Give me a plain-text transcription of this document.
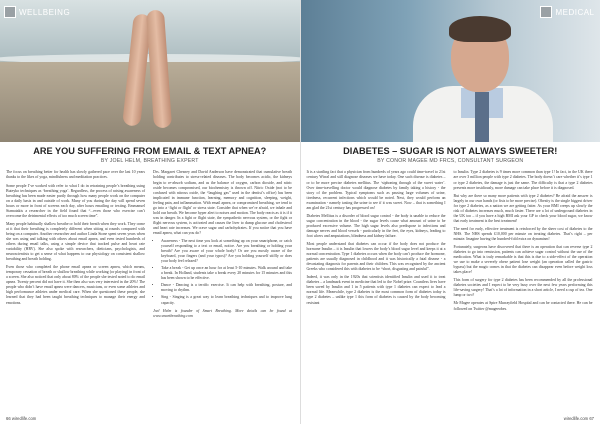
WELLBEING
ARE YOU SUFFERING FROM EMAIL & TEXT APNEA?
BY JOEL HELM, BREATHING EXPERT

The focus on breathing better for health has slowly gathered pace over the last 10 years thanks to the likes of yoga, mindfulness and meditation practices.

Some people I’ve worked with refer to what I do in retraining people’s breathing using Buteyko techniques as ‘breathing yoga’. Regardless, the process of raising awareness of breathing has been made easier partly through how many people work on the computer on a daily basis in and outside of work. Many of you during the day will spend seven hours or more in front of screens each day, after hours emailing or texting. Emmanuel Stamatakis a researcher in the field found that “...even those who exercise can’t overcome the detrimental effects of too much screen time”.

Many people habitually shallow breathe or hold their breath when they work. They come at it that their breathing is completely different when sitting at rounds compared with being on a computer. Another researcher and author Linda Stone spent seven years when she was using and talking with others about email apnea, and even tested hundreds of others during email talks, using a simple device that tracked pulse and heart rate variability (HRV). She also spoke with researchers, dieticians, psychologists, and neuroscientists to get a sense of what happens to our physiology on consistent shallow breathing and breath holding.

Even those who completed the phone email apnea or screen apnea, which means, temporary cessation of breath or shallow breathing while working (or playing) in front of a screen. She also noticed that only about 80% of the people she tested noted to do email apnea. Twenty percent did not have it. She then also was very interested in the 20%! The people who didn’t have email apnea were dancers, musicians, or even some athletes and high performance athletes under medical care. When she questioned these people, she learned that they had been taught breathing techniques to manage their energy and emotions.

Drs. Margaret Chesney and David Anderson have demonstrated that cumulative breath holding contributes to stress-related diseases. The body becomes acidic, the kidneys begin to re-absorb sodium, and as the balance of oxygen, carbon dioxide, and nitric oxide becomes compromised, our biochemistry is thrown off. Nitric Oxide (not to be confused with nitrous oxide, the “laughing gas” used in the dentist’s office) has been implicated in immune function, learning, memory and cognition, sleeping, weight, feeling pain, and inflammation. With email apnea, or compromised breathing, we tend to go into a ‘fight or flight’ or stress state. Consider that when we’re afraid, we inhale and hold our breath. We become hyper alert to noises and motion. The body reacts as it is if it was in danger. In a fight or flight state, the sympathetic nervous system, or the fight or flight nervous system, is activated and causes the liver to dump glucose and cholesterol and heart rate increases. We crave sugar and carbohydrates. If you notice that you have email apnea, what can you do?

• Awareness - The next time you look at something up on your smartphone, or catch yourself responding to a text or email, notice. Are you breathing or holding your breath? Are you aware of your whole body? Or are you mostly aware of the keyboard, your fingers (and your typos)? Are you holding yourself stiffly or does your body feel relaxed?
• Take a break - Get up once an hour for at least 5-10 minutes. Walk around and take a break. In Holland, students take a break every 20 minutes for 15 minutes and this has been shown to be effective.
• Dance - Dancing is a terrific exercise. It can help with breathing, posture, and moving to rhythm.
• Sing - Singing is a great way to learn breathing techniques and to improve lung capacity.

Joel Helm is founder of Smart Breathing. More details can be found at www.smartbreathing.com

66 wiredlife.com
MEDICAL
DIABETES – SUGAR IS NOT ALWAYS SWEETER!
BY CONOR MAGEE MD FRCS, CONSULTANT SURGEON

It is a startling fact that a physician from hundreds of years ago could time-travel to 21st century Wirral and still diagnose diseases we have today. One such disease is diabetes – or to be more precise diabetes mellitus. The ‘siphoning through of the sweet water’. Over time-travelling doctor would diagnose diabetes by family taking a history - the story of the problem. Typical symptoms such as passing large volumes of urine, tiredness, recurrent infections which would be noted. Next, they would perform an examination - namely tasting the urine to see if it was sweet. Now – that is something I am glad the 21st century has progressed on!

Diabetes Mellitus is a disorder of blood sugar control - the body is unable to reduce the sugar concentration in the blood - the sugar levels cause what amount of urine to be produced excessive volume. The high sugar levels also predispose to infections and damage nerves and blood vessels - particularly in the feet, the eyes, kidneys, leading to foot ulcers and amputations, blindness and kidney failure.

Most people understand that diabetes can occur if the body does not produce the hormone Insulin – it is Insulin that lowers the body’s blood sugar level and keeps it at a normal concentration. Type 1 diabetes occurs when the body can’t produce the hormone, patients are usually diagnosed in childhood and it was historically a fatal disease - a devastating diagnosis for parents and their children. This was recognised by the ancient Greeks who considered this with diabetes to be “short, disgusting and painful”.

Indeed, it was only in the 1920s that scientists identified Insulin and used it to treat diabetes – a landmark event in medicine that led to the Nobel prize. Countless lives have been saved by Insulin and 1 in 5 patients with type 1 diabetes can expect to lead a normal life. Meanwhile, type 2 diabetes is the most common form of diabetes today is type 2 diabetes – unlike type 1 this form of diabetes is caused by the body becoming resistant

to Insulin. Type 2 diabetes is 9 times more common than type 1! In fact, in the UK there are over 3 million people with type 2 diabetes. The body doesn’t care whether it’s type 1 or type 2 diabetes, the damage is just the same. The difficulty is that a type 2 diabetes presents more insidiously, more damage can take place before it is diagnosed.

But why are there so many more patients with type 2 diabetes? Be afraid the answer is largely in our own hands (or fists to be more precise). Obesity is the single biggest driver for type 2 diabetes, as a nation we are getting fatter. As your BMI creeps up slowly the risk of diabetes increases much, much faster. There are a lot of underground diabetes in the UK too – if you have a high BMI ask your GP to check your blood sugar, we know that early treatment is the best treatment!

The need for early, effective treatment is reinforced by the sheer cost of diabetes to the NHS. The NHS spends £10,000 per minute on treating diabetes. That’s right – per minute. Imagine having the hundred-fold extra on dynamism!

Fortunately, surgeons have discovered that there is an operation that can reverse type 2 diabetes to go into remission, patients can achieve sugar control without the use of the medication. What is truly remarkable is that this is due to a side-effect of the operation we use to make a severely obese patient lose weight (an operation called the gastric bypass) but the magic comes in that the diabetes can disappear even before weight loss takes place!

This form of surgery for type 2 diabetes has been recommended by all the professional diabetes societies and I expect to be very busy over the next few years performing this life-saving surgery! That’s a lot of information in a short article, I need a cup of tea. One lump or two?

Mr Magee operates at Spire Murrayfield Hospital and can be contacted there. He can be followed on Twitter @mageeobes.

wiredlife.com 67
